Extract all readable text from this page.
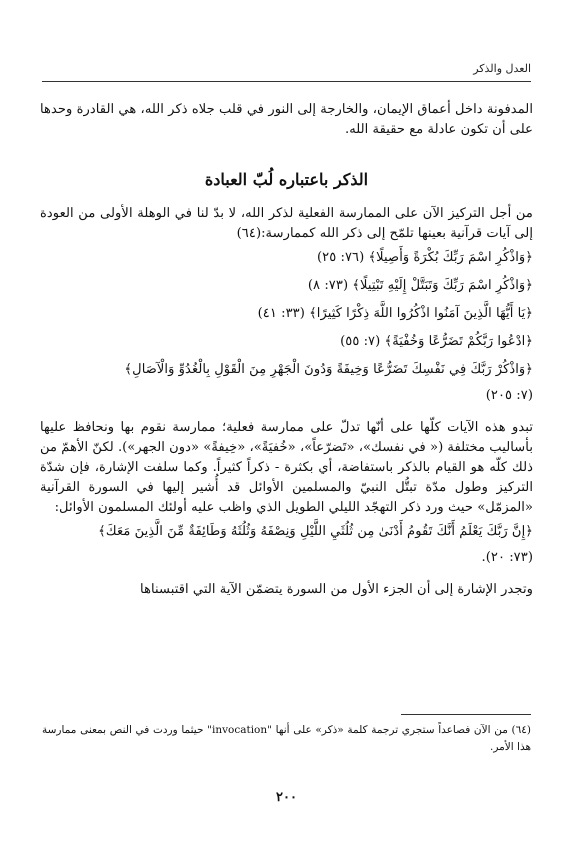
العدل والذكر

المدفونة داخل أعماق الإيمان، والخارجة إلى النور في قلب جلاه ذكر الله، هي القادرة وحدها على أن تكون عادلة مع حقيقة الله.

الذكر باعتباره لُبّ العبادة

من أجل التركيز الآن على الممارسة الفعلية لذكر الله، لا بدّ لنا في الوهلة الأولى من العودة إلى آيات قرآنية بعينها تلمّح إلى ذكر الله كممارسة:(٦٤)

﴿وَاذْكُرِ اسْمَ رَبِّكَ بُكْرَةً وَأَصِيلًا﴾ (٧٦: ٢٥)

﴿وَاذْكُرِ اسْمَ رَبِّكَ وَتَبَتَّلْ إِلَيْهِ تَبْتِيلًا﴾ (٧٣: ٨)

﴿يَا أَيُّهَا الَّذِينَ آمَنُوا اذْكُرُوا اللَّهَ ذِكْرًا كَثِيرًا﴾ (٣٣: ٤١)

﴿ادْعُوا رَبَّكُمْ تَضَرُّعًا وَخُفْيَةً﴾ (٧: ٥٥)

﴿وَاذْكُرْ رَبَّكَ فِي نَفْسِكَ تَضَرُّعًا وَخِيفَةً وَدُونَ الْجَهْرِ مِنَ الْقَوْلِ بِالْغُدُوِّ وَالْآصَالِ﴾

(٧: ٢٠٥)

تبدو هذه الآيات كلّها على أنّها تدلّ على ممارسة فعلية؛ ممارسة نقوم بها ونحافظ عليها بأساليب مختلفة (« في نفسك»، «تَضرّعاً»، «خُفيَةً»، «خِيفةً» «دون الجهر»). لكنّ الأهمّ من ذلك كلّه هو القيام بالذكر باستفاضة، أي بكثرة - ذكراً كثيراً. وكما سلفت الإشارة، فإن شدّة التركيز وطول مدّة تبتُّل النبيّ والمسلمين الأوائل قد أُشير إليها في السورة القرآنية «المزمّل» حيث ورد ذكر التهجّد الليلي الطويل الذي واظب عليه أولئك المسلمون الأوائل:

﴿إِنَّ رَبَّكَ يَعْلَمُ أَنَّكَ تَقُومُ أَدْنَىٰ مِن ثُلُثَيِ اللَّيْلِ وَنِصْفَهُ وَثُلُثَهُ وَطَائِفَةٌ مِّنَ الَّذِينَ مَعَكَ﴾

(٧٣: ٢٠).

وتجدر الإشارة إلى أن الجزء الأول من السورة يتضمّن الآية التي اقتبسناها

(٦٤) من الآن فصاعداً ستجري ترجمة كلمة «ذكر» على أنها "invocation" حيثما وردت في النص بمعنى ممارسة هذا الأمر.
٢٠٠
